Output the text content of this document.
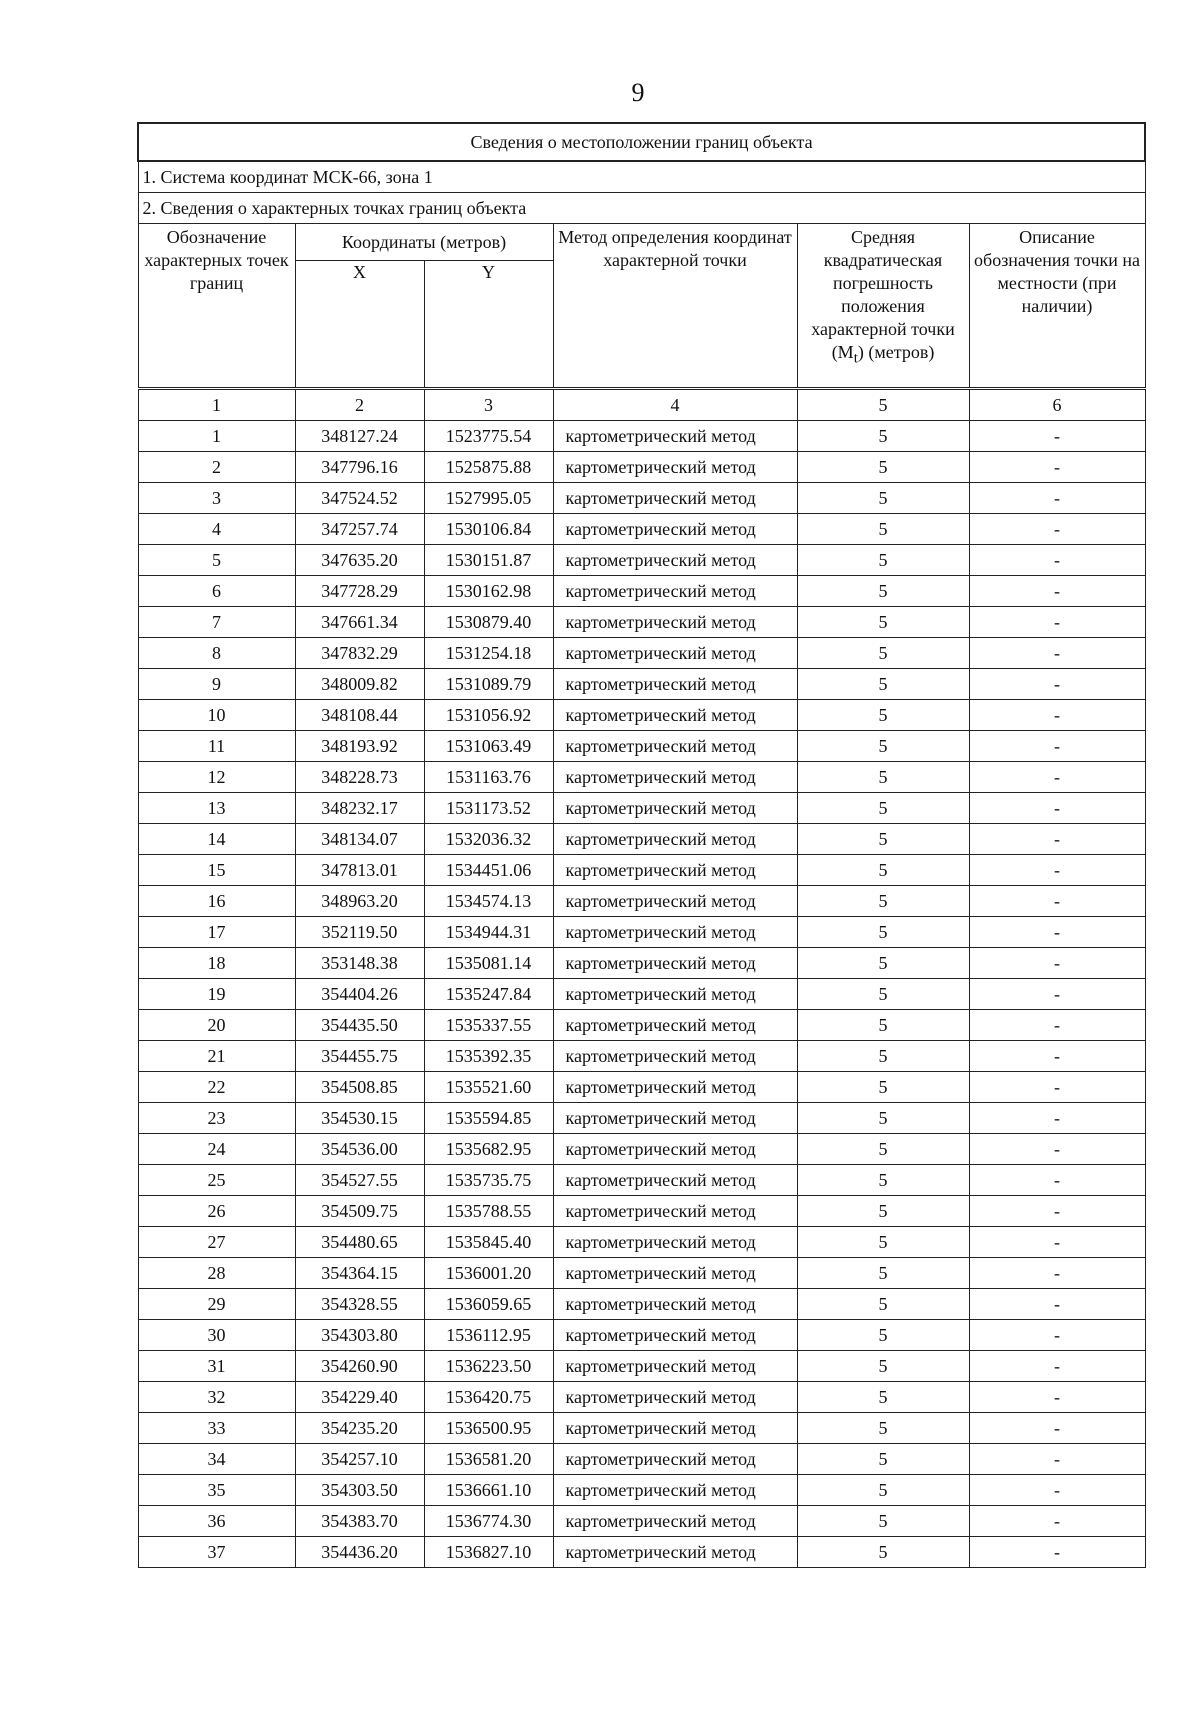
9
Сведения о местоположении границ объекта					
1. Система координат МСК-66, зона 1					
2. Сведения о характерных точках границ объекта					
Обозначение характерных точек границ	Координаты (метров)		Метод определения координат характерной точки	Средняя квадратическая погрешность положения характерной точки $(M_t)$ (метров)	Описание обозначения точки на местности (при наличии)
	X	Y			
1	2	3	4	5	6
1	348127.24	1523775.54	картометрический метод	5	-
2	347796.16	1525875.88	картометрический метод	5	-
3	347524.52	1527995.05	картометрический метод	5	-
4	347257.74	1530106.84	картометрический метод	5	-
5	347635.20	1530151.87	картометрический метод	5	-
6	347728.29	1530162.98	картометрический метод	5	-
7	347661.34	1530879.40	картометрический метод	5	-
8	347832.29	1531254.18	картометрический метод	5	-
9	348009.82	1531089.79	картометрический метод	5	-
10	348108.44	1531056.92	картометрический метод	5	-
11	348193.92	1531063.49	картометрический метод	5	-
12	348228.73	1531163.76	картометрический метод	5	-
13	348232.17	1531173.52	картометрический метод	5	-
14	348134.07	1532036.32	картометрический метод	5	-
15	347813.01	1534451.06	картометрический метод	5	-
16	348963.20	1534574.13	картометрический метод	5	-
17	352119.50	1534944.31	картометрический метод	5	-
18	353148.38	1535081.14	картометрический метод	5	-
19	354404.26	1535247.84	картометрический метод	5	-
20	354435.50	1535337.55	картометрический метод	5	-
21	354455.75	1535392.35	картометрический метод	5	-
22	354508.85	1535521.60	картометрический метод	5	-
23	354530.15	1535594.85	картометрический метод	5	-
24	354536.00	1535682.95	картометрический метод	5	-
25	354527.55	1535735.75	картометрический метод	5	-
26	354509.75	1535788.55	картометрический метод	5	-
27	354480.65	1535845.40	картометрический метод	5	-
28	354364.15	1536001.20	картометрический метод	5	-
29	354328.55	1536059.65	картометрический метод	5	-
30	354303.80	1536112.95	картометрический метод	5	-
31	354260.90	1536223.50	картометрический метод	5	-
32	354229.40	1536420.75	картометрический метод	5	-
33	354235.20	1536500.95	картометрический метод	5	-
34	354257.10	1536581.20	картометрический метод	5	-
35	354303.50	1536661.10	картометрический метод	5	-
36	354383.70	1536774.30	картометрический метод	5	-
37	354436.20	1536827.10	картометрический метод	5	-
